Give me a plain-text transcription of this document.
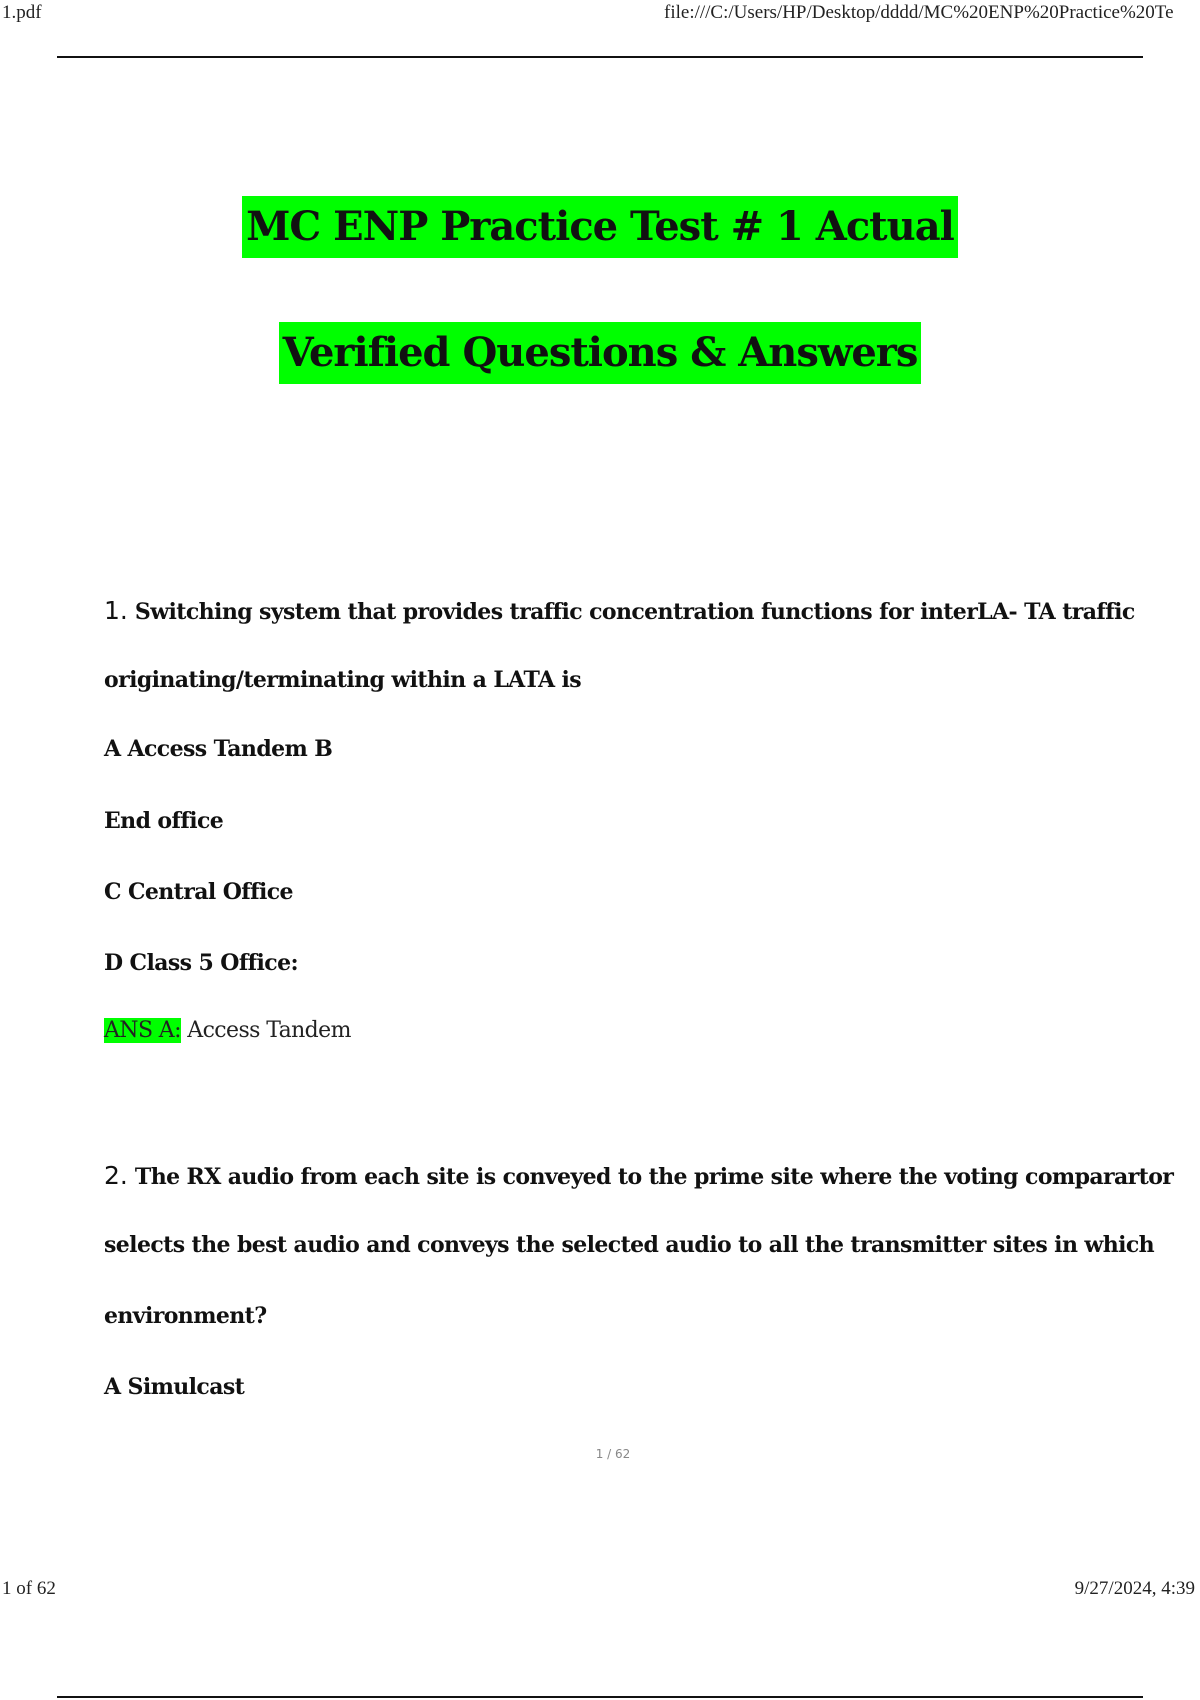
1.pdf	file:///C:/Users/HP/Desktop/dddd/MC%20ENP%20Practice%20Te
MC ENP Practice Test # 1 Actual
Verified Questions & Answers
1. Switching system that provides traffic concentration functions for interLA- TA traffic
originating/terminating within a LATA is
A Access Tandem B
End office
C Central Office
D Class 5 Office:
ANS A: Access Tandem
2. The RX audio from each site is conveyed to the prime site where the voting comparartor
selects the best audio and conveys the selected audio to all the transmitter sites in which
environment?
A Simulcast
1 / 62
1 of 62	9/27/2024, 4:39
